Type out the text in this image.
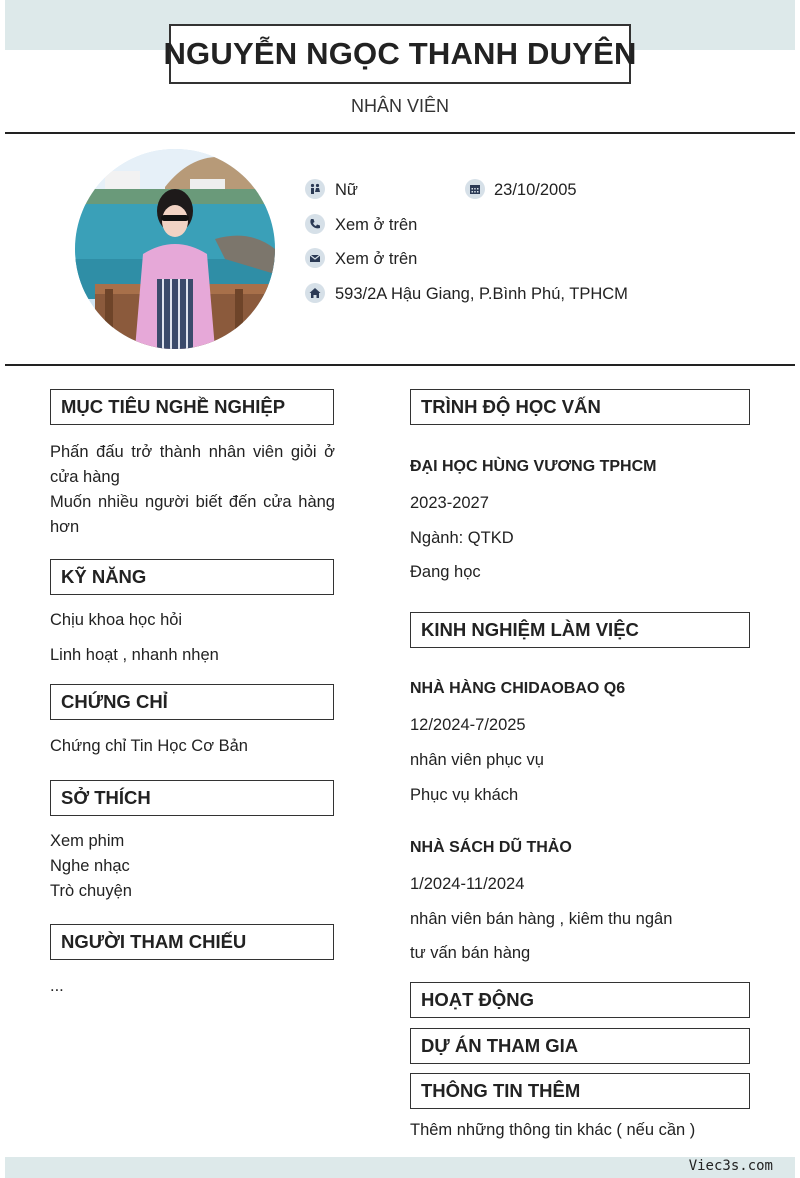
NGUYỄN NGỌC THANH DUYÊN
NHÂN VIÊN
Nữ	23/10/2005
Xem ở trên
Xem ở trên
593/2A Hậu Giang, P.Bình Phú, TPHCM
MỤC TIÊU NGHỀ NGHIỆP
Phấn đấu trở thành nhân viên giỏi ở cửa hàng
Muốn nhiều người biết đến cửa hàng hơn
KỸ NĂNG
Chịu khoa học hỏi
Linh hoạt , nhanh nhẹn
CHỨNG CHỈ
Chứng chỉ Tin Học Cơ Bản
SỞ THÍCH
Xem phim
Nghe nhạc
Trò chuyện
NGƯỜI THAM CHIẾU
...
TRÌNH ĐỘ HỌC VẤN
ĐẠI HỌC HÙNG VƯƠNG TPHCM
2023-2027
Ngành: QTKD
Đang học
KINH NGHIỆM LÀM VIỆC
NHÀ HÀNG CHIDAOBAO Q6
12/2024-7/2025
nhân viên phục vụ
Phục vụ khách
NHÀ SÁCH DŨ THẢO
1/2024-11/2024
nhân viên bán hàng , kiêm thu ngân
tư vấn bán hàng
HOẠT ĐỘNG
DỰ ÁN THAM GIA
THÔNG TIN THÊM
Thêm những thông tin khác ( nếu cần )
Viec3s.com
